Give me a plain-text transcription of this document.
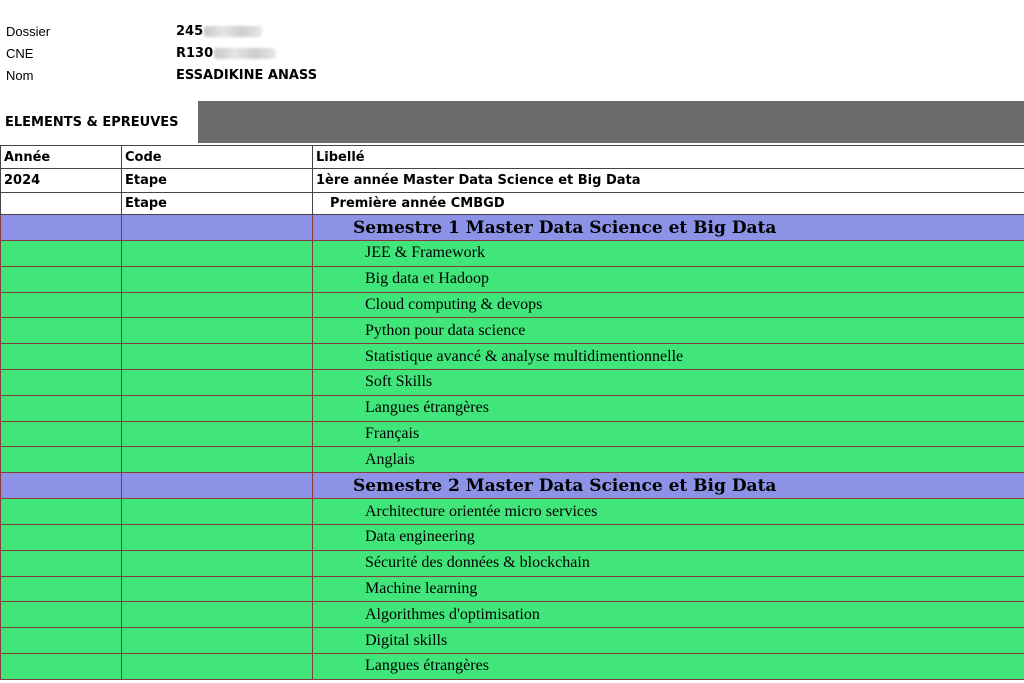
Dossier	245
CNE	R130
Nom	ESSADIKINE ANASS
ELEMENTS & EPREUVES
Année	Code	Libellé
2024	Etape	1ère année Master Data Science et Big Data
	Etape	Première année CMBGD
		Semestre 1 Master Data Science et Big Data
		JEE & Framework
		Big data et Hadoop
		Cloud computing & devops
		Python pour data science
		Statistique avancé & analyse multidimentionnelle
		Soft Skills
		Langues étrangères
		Français
		Anglais
		Semestre 2 Master Data Science et Big Data
		Architecture orientée micro services
		Data engineering
		Sécurité des données & blockchain
		Machine learning
		Algorithmes d'optimisation
		Digital skills
		Langues étrangères
